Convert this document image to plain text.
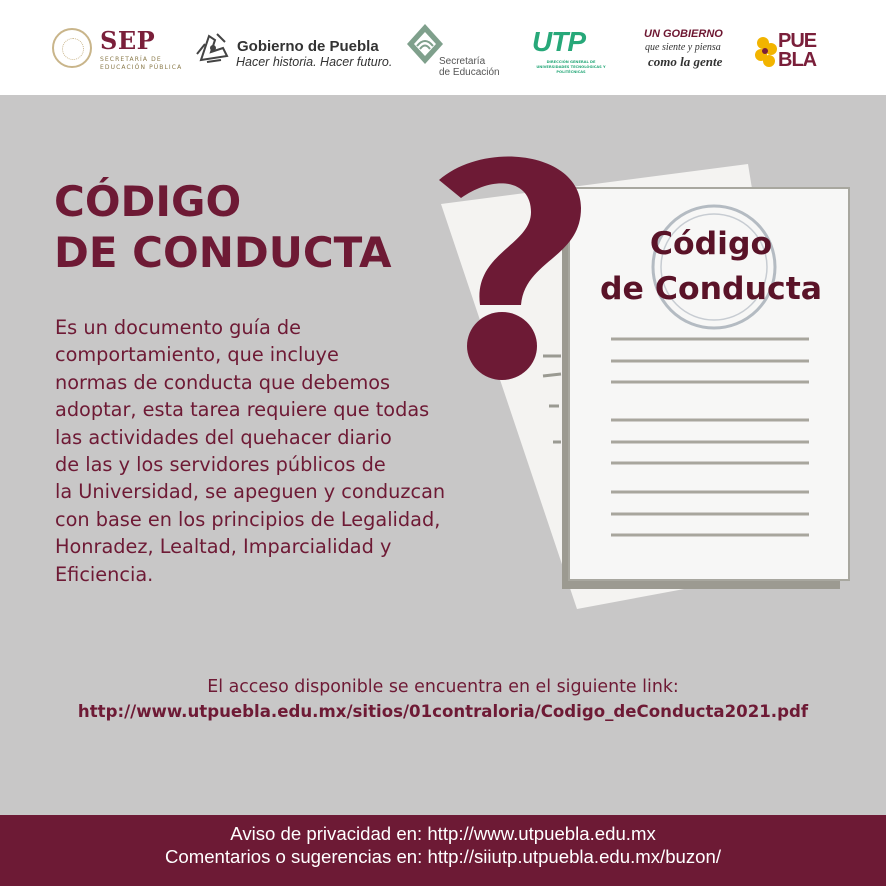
SEP
SECRETARÍA DE EDUCACIÓN PÚBLICA
Gobierno de Puebla
Hacer historia. Hacer futuro.	Secretaría
de Educación
UTP
DIRECCIÓN GENERAL DE UNIVERSIDADES TECNOLÓGICAS Y POLITÉCNICAS
UN GOBIERNO
que siente y piensa
como la gente
PUE
BLA
CÓDIGO
DE CONDUCTA

Es un documento guía de
comportamiento, que incluye
normas de conducta que debemos
adoptar, esta tarea requiere que todas
las actividades del quehacer diario
de las y los servidores públicos de
la Universidad, se apeguen y conduzcan
con base en los principios de Legalidad,
Honradez, Lealtad, Imparcialidad y
Eficiencia.

Código
de Conducta
El acceso disponible se encuentra en el siguiente link:
http://www.utpuebla.edu.mx/sitios/01contraloria/Codigo_deConducta2021.pdf
Aviso de privacidad en: http://www.utpuebla.edu.mx
Comentarios o sugerencias en: http://siiutp.utpuebla.edu.mx/buzon/
